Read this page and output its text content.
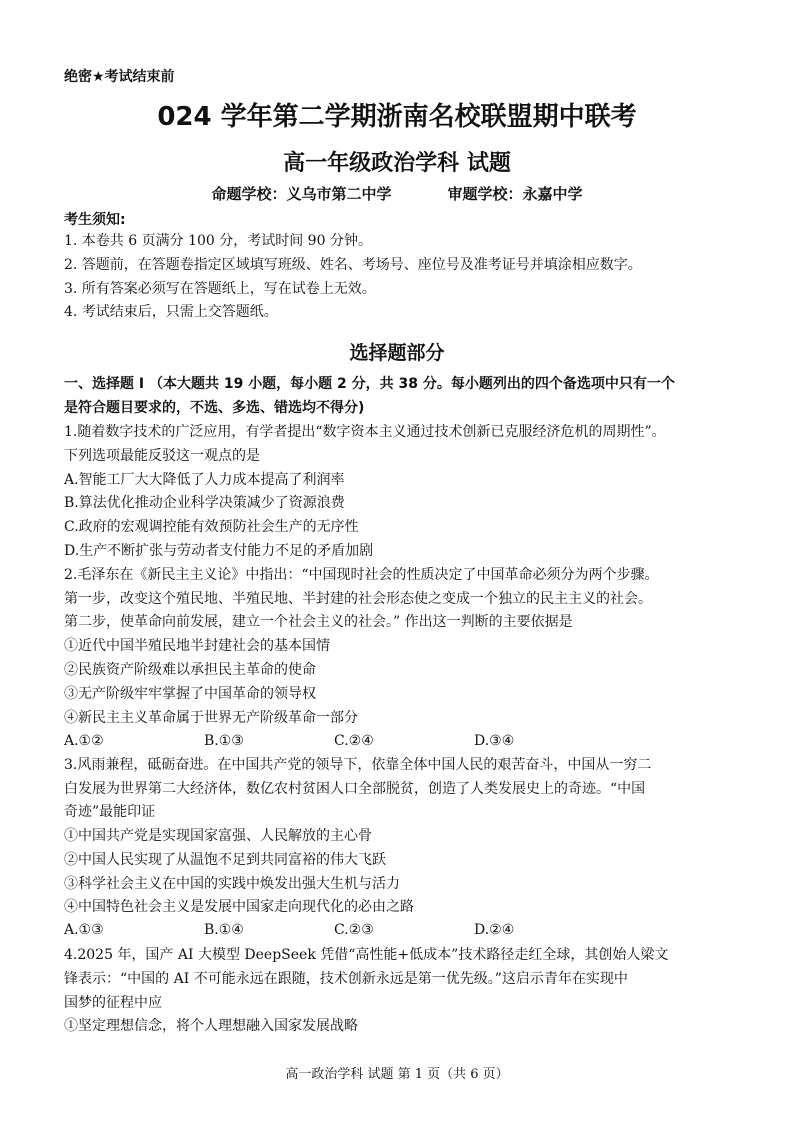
绝密★考试结束前
024 学年第二学期浙南名校联盟期中联考
高一年级政治学科 试题
命题学校：义乌市第二中学	审题学校：永嘉中学
考生须知:
1. 本卷共 6 页满分 100 分，考试时间 90 分钟。
2. 答题前，在答题卷指定区域填写班级、姓名、考场号、座位号及准考证号并填涂相应数字。
3. 所有答案必须写在答题纸上，写在试卷上无效。
4. 考试结束后，只需上交答题纸。
选择题部分
一、选择题 I （本大题共 19 小题，每小题 2 分，共 38 分。每小题列出的四个备选项中只有一个
是符合题目要求的，不选、多选、错选均不得分)
1.随着数字技术的广泛应用，有学者提出“数字资本主义通过技术创新已克服经济危机的周期性”。
下列选项最能反驳这一观点的是
A.智能工厂大大降低了人力成本提高了利润率
B.算法优化推动企业科学决策减少了资源浪费
C.政府的宏观调控能有效预防社会生产的无序性
D.生产不断扩张与劳动者支付能力不足的矛盾加剧
2.毛泽东在《新民主主义论》中指出：“中国现时社会的性质决定了中国革命必须分为两个步骤。
第一步，改变这个殖民地、半殖民地、半封建的社会形态使之变成一个独立的民主主义的社会。
第二步，使革命向前发展，建立一个社会主义的社会。” 作出这一判断的主要依据是
①近代中国半殖民地半封建社会的基本国情
②民族资产阶级难以承担民主革命的使命
③无产阶级牢牢掌握了中国革命的领导权
④新民主主义革命属于世界无产阶级革命一部分
A.①②	B.①③	C.②④	D.③④
3.风雨兼程，砥砺奋进。在中国共产党的领导下，依靠全体中国人民的艰苦奋斗，中国从一穷二
白发展为世界第二大经济体，数亿农村贫困人口全部脱贫，创造了人类发展史上的奇迹。“中国
奇迹”最能印证
①中国共产党是实现国家富强、人民解放的主心骨
②中国人民实现了从温饱不足到共同富裕的伟大飞跃
③科学社会主义在中国的实践中焕发出强大生机与活力
④中国特色社会主义是发展中国家走向现代化的必由之路
A.①③	B.①④	C.②③	D.②④
4.2025 年，国产 AI 大模型 DeepSeek 凭借“高性能+低成本”技术路径走红全球，其创始人梁文
锋表示：“中国的 AI 不可能永远在跟随，技术创新永远是第一优先级。”这启示青年在实现中
国梦的征程中应
①坚定理想信念，将个人理想融入国家发展战略
高一政治学科 试题 第 1 页（共 6 页）
